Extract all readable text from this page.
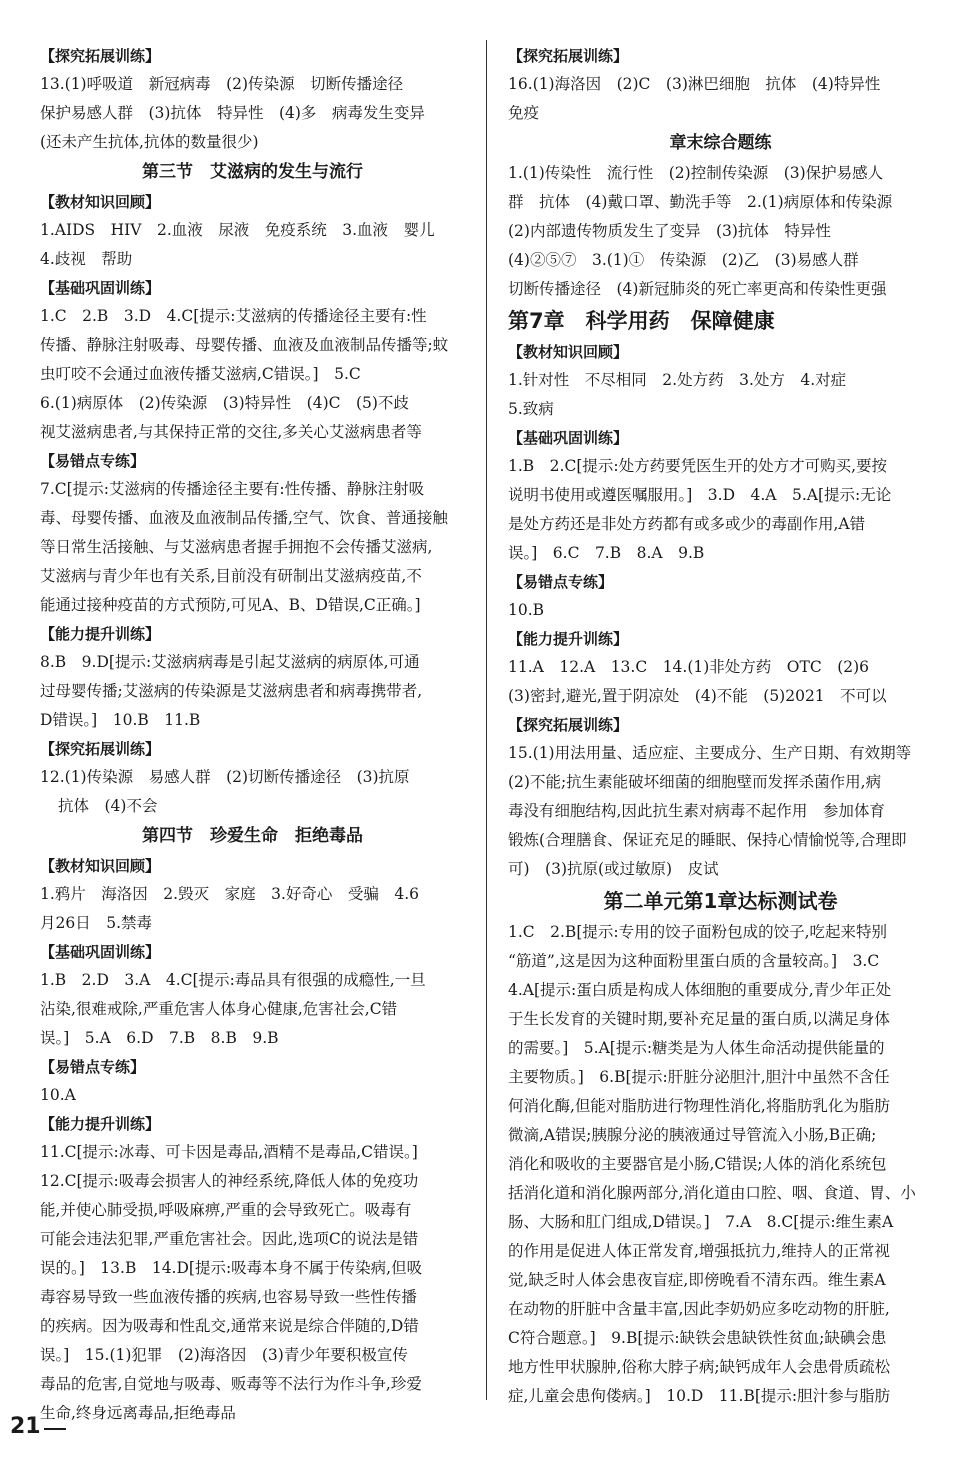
【探究拓展训练】
13.(1)呼吸道　新冠病毒　(2)传染源　切断传播途径
保护易感人群　(3)抗体　特异性　(4)多　病毒发生变异
(还未产生抗体,抗体的数量很少)
第三节　艾滋病的发生与流行
【教材知识回顾】
1.AIDS　HIV　2.血液　尿液　免疫系统　3.血液　婴儿
4.歧视　帮助
【基础巩固训练】
1.C　2.B　3.D　4.C[提示:艾滋病的传播途径主要有:性
传播、静脉注射吸毒、母婴传播、血液及血液制品传播等;蚊
虫叮咬不会通过血液传播艾滋病,C错误。]　5.C
6.(1)病原体　(2)传染源　(3)特异性　(4)C　(5)不歧
视艾滋病患者,与其保持正常的交往,多关心艾滋病患者等
【易错点专练】
7.C[提示:艾滋病的传播途径主要有:性传播、静脉注射吸
毒、母婴传播、血液及血液制品传播,空气、饮食、普通接触
等日常生活接触、与艾滋病患者握手拥抱不会传播艾滋病,
艾滋病与青少年也有关系,目前没有研制出艾滋病疫苗,不
能通过接种疫苗的方式预防,可见A、B、D错误,C正确。]
【能力提升训练】
8.B　9.D[提示:艾滋病病毒是引起艾滋病的病原体,可通
过母婴传播;艾滋病的传染源是艾滋病患者和病毒携带者,
D错误。]　10.B　11.B
【探究拓展训练】
12.(1)传染源　易感人群　(2)切断传播途径　(3)抗原
抗体　(4)不会
第四节　珍爱生命　拒绝毒品
【教材知识回顾】
1.鸦片　海洛因　2.毁灭　家庭　3.好奇心　受骗　4.6
月26日　5.禁毒
【基础巩固训练】
1.B　2.D　3.A　4.C[提示:毒品具有很强的成瘾性,一旦
沾染,很难戒除,严重危害人体身心健康,危害社会,C错
误。]　5.A　6.D　7.B　8.B　9.B
【易错点专练】
10.A
【能力提升训练】
11.C[提示:冰毒、可卡因是毒品,酒精不是毒品,C错误。]
12.C[提示:吸毒会损害人的神经系统,降低人体的免疫功
能,并使心肺受损,呼吸麻痹,严重的会导致死亡。吸毒有
可能会违法犯罪,严重危害社会。因此,选项C的说法是错
误的。]　13.B　14.D[提示:吸毒本身不属于传染病,但吸
毒容易导致一些血液传播的疾病,也容易导致一些性传播
的疾病。因为吸毒和性乱交,通常来说是综合伴随的,D错
误。]　15.(1)犯罪　(2)海洛因　(3)青少年要积极宣传
毒品的危害,自觉地与吸毒、贩毒等不法行为作斗争,珍爱
生命,终身远离毒品,拒绝毒品
【探究拓展训练】
16.(1)海洛因　(2)C　(3)淋巴细胞　抗体　(4)特异性
免疫
章末综合题练
1.(1)传染性　流行性　(2)控制传染源　(3)保护易感人
群　抗体　(4)戴口罩、勤洗手等　2.(1)病原体和传染源
(2)内部遗传物质发生了变异　(3)抗体　特异性
(4)②⑤⑦　3.(1)①　传染源　(2)乙　(3)易感人群
切断传播途径　(4)新冠肺炎的死亡率更高和传染性更强
第7章　科学用药　保障健康
【教材知识回顾】
1.针对性　不尽相同　2.处方药　3.处方　4.对症
5.致病
【基础巩固训练】
1.B　2.C[提示:处方药要凭医生开的处方才可购买,要按
说明书使用或遵医嘱服用。]　3.D　4.A　5.A[提示:无论
是处方药还是非处方药都有或多或少的毒副作用,A错
误。]　6.C　7.B　8.A　9.B
【易错点专练】
10.B
【能力提升训练】
11.A　12.A　13.C　14.(1)非处方药　OTC　(2)6
(3)密封,避光,置于阴凉处　(4)不能　(5)2021　不可以
【探究拓展训练】
15.(1)用法用量、适应症、主要成分、生产日期、有效期等
(2)不能;抗生素能破坏细菌的细胞壁而发挥杀菌作用,病
毒没有细胞结构,因此抗生素对病毒不起作用　参加体育
锻炼(合理膳食、保证充足的睡眠、保持心情愉悦等,合理即
可)　(3)抗原(或过敏原)　皮试
第二单元第1章达标测试卷
1.C　2.B[提示:专用的饺子面粉包成的饺子,吃起来特别
“筋道”,这是因为这种面粉里蛋白质的含量较高。]　3.C
4.A[提示:蛋白质是构成人体细胞的重要成分,青少年正处
于生长发育的关键时期,要补充足量的蛋白质,以满足身体
的需要。]　5.A[提示:糖类是为人体生命活动提供能量的
主要物质。]　6.B[提示:肝脏分泌胆汁,胆汁中虽然不含任
何消化酶,但能对脂肪进行物理性消化,将脂肪乳化为脂肪
微滴,A错误;胰腺分泌的胰液通过导管流入小肠,B正确;
消化和吸收的主要器官是小肠,C错误;人体的消化系统包
括消化道和消化腺两部分,消化道由口腔、咽、食道、胃、小
肠、大肠和肛门组成,D错误。]　7.A　8.C[提示:维生素A
的作用是促进人体正常发育,增强抵抗力,维持人的正常视
觉,缺乏时人体会患夜盲症,即傍晚看不清东西。维生素A
在动物的肝脏中含量丰富,因此李奶奶应多吃动物的肝脏,
C符合题意。]　9.B[提示:缺铁会患缺铁性贫血;缺碘会患
地方性甲状腺肿,俗称大脖子病;缺钙成年人会患骨质疏松
症,儿童会患佝偻病。]　10.D　11.B[提示:胆汁参与脂肪
21
